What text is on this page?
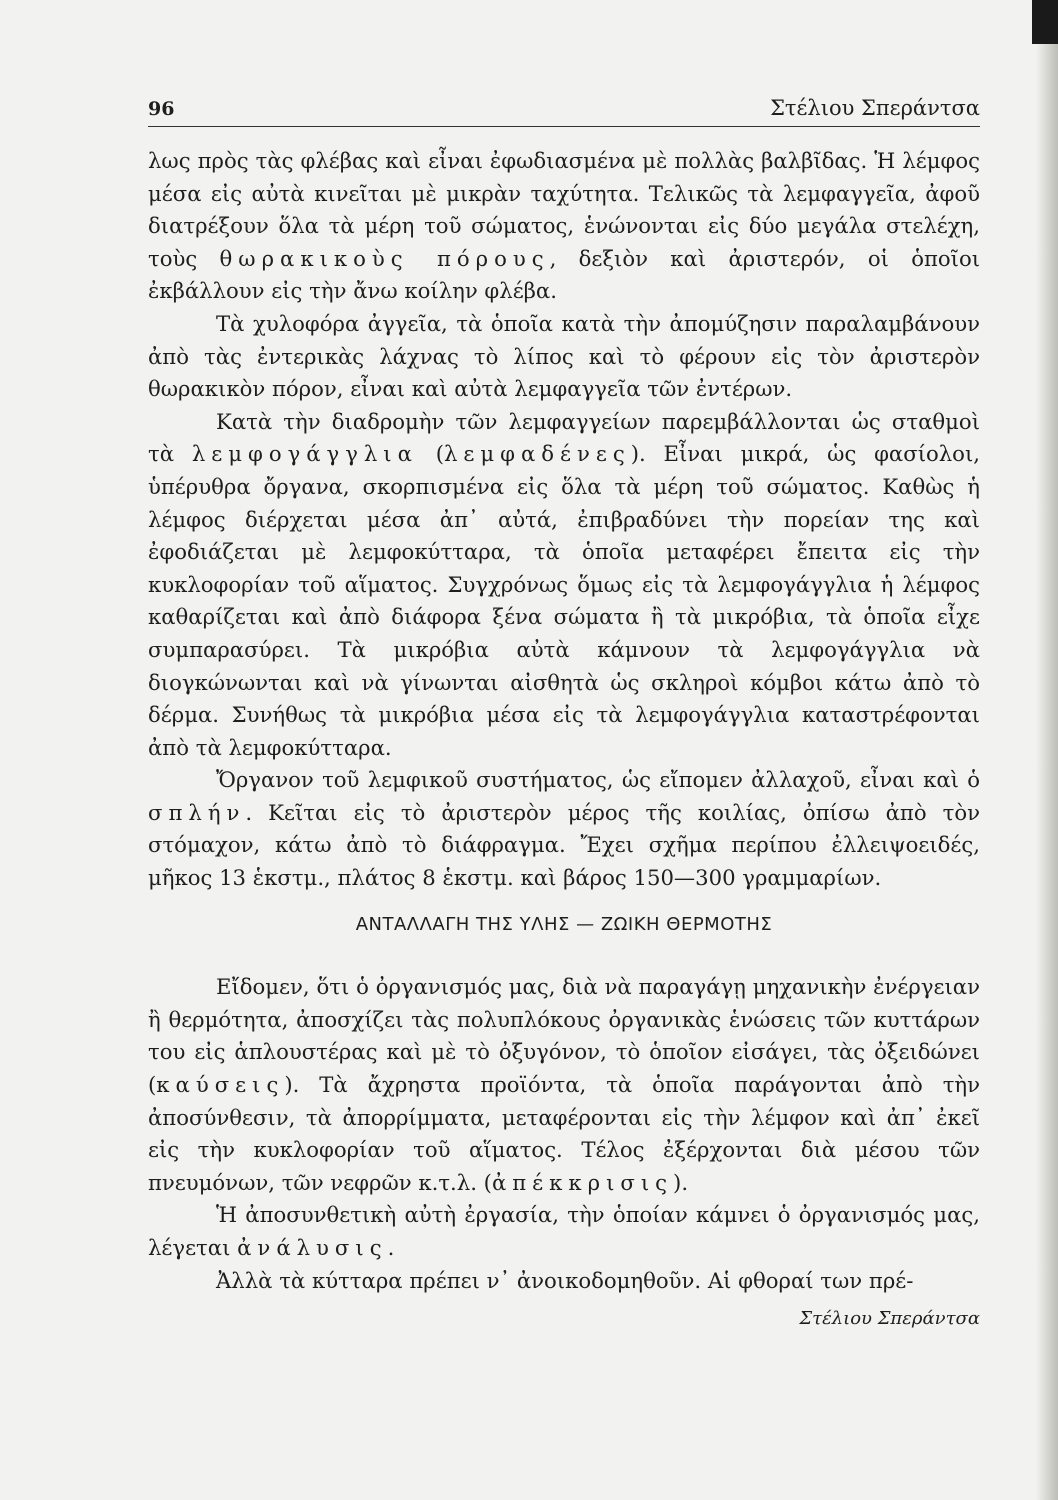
96	Στέλιου Σπεράντσα

λως πρὸς τὰς φλέβας καὶ εἶναι ἐφωδιασμένα μὲ πολλὰς βαλβῖδας. Ἡ λέμφος μέσα εἰς αὐτὰ κινεῖται μὲ μικρὰν ταχύτητα. Τελικῶς τὰ λεμφαγγεῖα, ἀφοῦ διατρέξουν ὅλα τὰ μέρη τοῦ σώματος, ἑνώνονται εἰς δύο μεγάλα στελέχη, τοὺς θωρακικοὺς πόρους, δεξιὸν καὶ ἀριστερόν, οἱ ὁποῖοι ἐκβάλλουν εἰς τὴν ἄνω κοίλην φλέβα.

Τὰ χυλοφόρα ἀγγεῖα, τὰ ὁποῖα κατὰ τὴν ἀπομύζησιν παραλαμβάνουν ἀπὸ τὰς ἐντερικὰς λάχνας τὸ λίπος καὶ τὸ φέρουν εἰς τὸν ἀριστερὸν θωρακικὸν πόρον, εἶναι καὶ αὐτὰ λεμφαγγεῖα τῶν ἐντέρων.

Κατὰ τὴν διαδρομὴν τῶν λεμφαγγείων παρεμβάλλονται ὡς σταθμοὶ τὰ λεμφογάγγλια (λεμφαδένες). Εἶναι μικρά, ὡς φασίολοι, ὑπέρυθρα ὄργανα, σκορπισμένα εἰς ὅλα τὰ μέρη τοῦ σώματος. Καθὼς ἡ λέμφος διέρχεται μέσα ἀπ᾿ αὐτά, ἐπιβραδύνει τὴν πορείαν της καὶ ἐφοδιάζεται μὲ λεμφοκύτταρα, τὰ ὁποῖα μεταφέρει ἔπειτα εἰς τὴν κυκλοφορίαν τοῦ αἵματος. Συγχρόνως ὅμως εἰς τὰ λεμφογάγγλια ἡ λέμφος καθαρίζεται καὶ ἀπὸ διάφορα ξένα σώματα ἢ τὰ μικρόβια, τὰ ὁποῖα εἶχε συμπαρασύρει. Τὰ μικρόβια αὐτὰ κάμνουν τὰ λεμφογάγγλια νὰ διογκώνωνται καὶ νὰ γίνωνται αἰσθητὰ ὡς σκληροὶ κόμβοι κάτω ἀπὸ τὸ δέρμα. Συνήθως τὰ μικρόβια μέσα εἰς τὰ λεμφογάγγλια καταστρέφονται ἀπὸ τὰ λεμφοκύτταρα.

Ὄργανον τοῦ λεμφικοῦ συστήματος, ὡς εἴπομεν ἀλλαχοῦ, εἶναι καὶ ὁ σπλήν. Κεῖται εἰς τὸ ἀριστερὸν μέρος τῆς κοιλίας, ὀπίσω ἀπὸ τὸν στόμαχον, κάτω ἀπὸ τὸ διάφραγμα. Ἔχει σχῆμα περίπου ἐλλειψοειδές, μῆκος 13 ἑκστμ., πλάτος 8 ἑκστμ. καὶ βάρος 150—300 γραμμαρίων.

ΑΝΤΑΛΛΑΓΗ ΤΗΣ ΥΛΗΣ — ΖΩΙΚΗ ΘΕΡΜΟΤΗΣ

Εἴδομεν, ὅτι ὁ ὀργανισμός μας, διὰ νὰ παραγάγῃ μηχανικὴν ἐνέργειαν ἢ θερμότητα, ἀποσχίζει τὰς πολυπλόκους ὀργανικὰς ἑνώσεις τῶν κυττάρων του εἰς ἁπλουστέρας καὶ μὲ τὸ ὀξυγόνον, τὸ ὁποῖον εἰσάγει, τὰς ὀξειδώνει (καύσεις). Τὰ ἄχρηστα προϊόντα, τὰ ὁποῖα παράγονται ἀπὸ τὴν ἀποσύνθεσιν, τὰ ἀπορρίμματα, μεταφέρονται εἰς τὴν λέμφον καὶ ἀπ᾿ ἐκεῖ εἰς τὴν κυκλοφορίαν τοῦ αἵματος. Τέλος ἐξέρχονται διὰ μέσου τῶν πνευμόνων, τῶν νεφρῶν κ.τ.λ. (ἀπέκκρισις).

Ἡ ἀποσυνθετικὴ αὐτὴ ἐργασία, τὴν ὁποίαν κάμνει ὁ ὀργανισμός μας, λέγεται ἀνάλυσις.

Ἀλλὰ τὰ κύτταρα πρέπει ν᾿ ἀνοικοδομηθοῦν. Αἱ φθοραί των πρέ-

Στέλιου Σπεράντσα
